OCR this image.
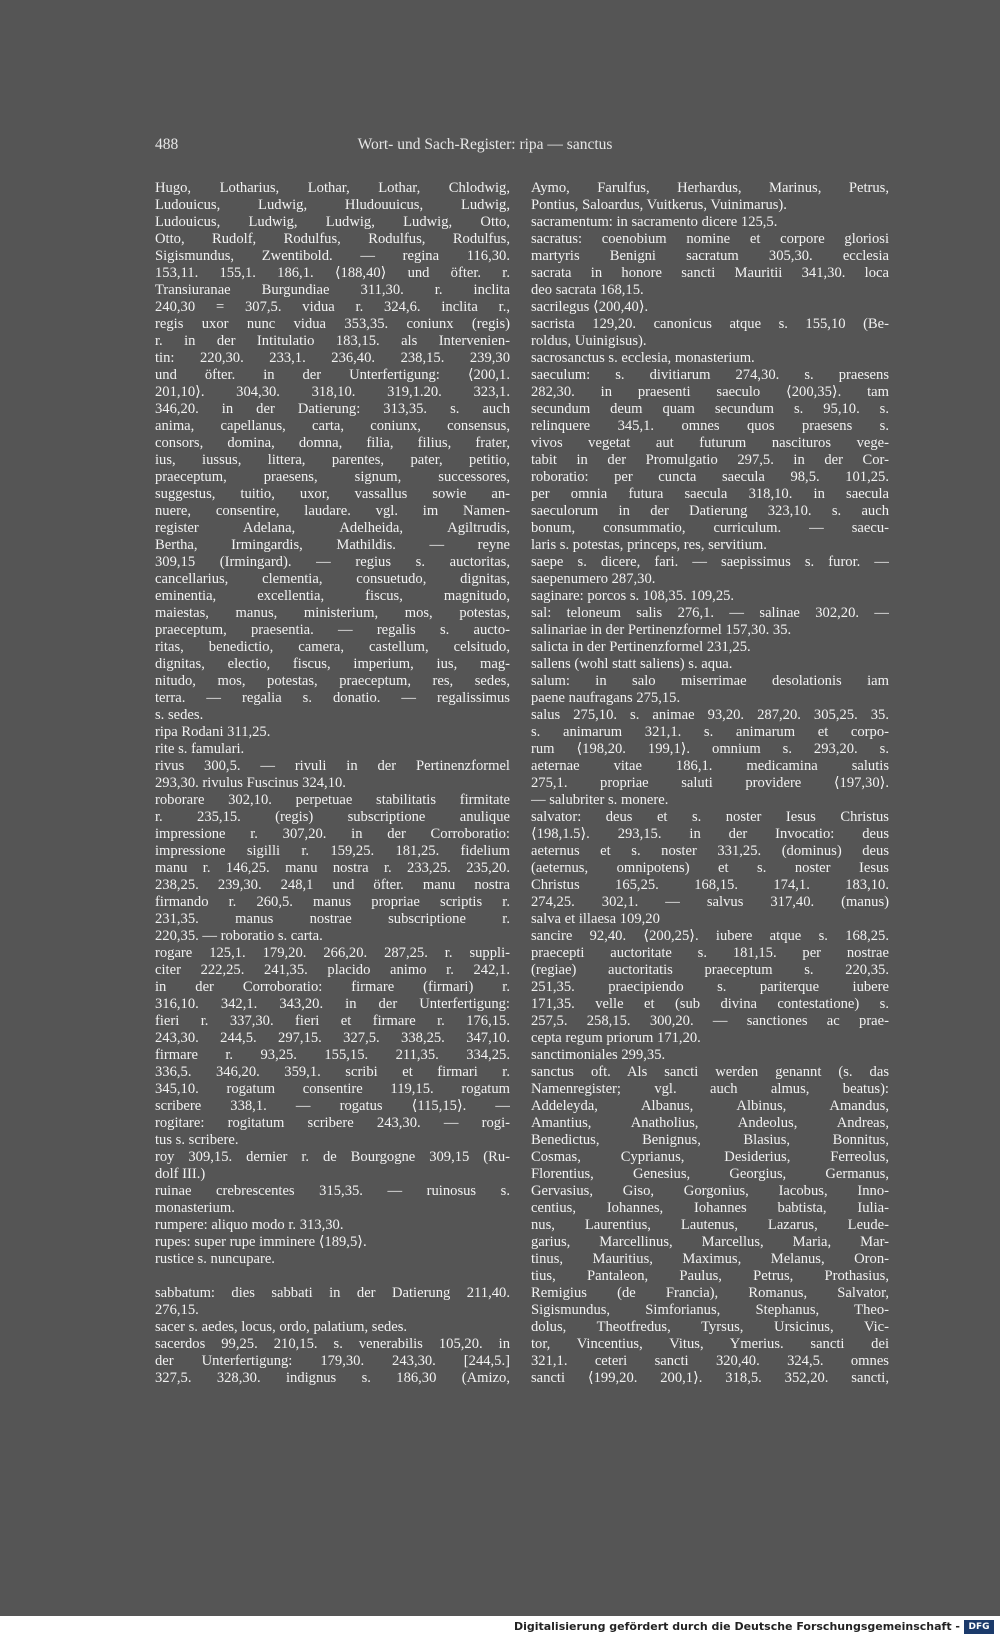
488	Wort- und Sach-Register: ripa — sanctus
Hugo, Lotharius, Lothar, Lothar, Chlodwig,
Ludouicus, Ludwig, Hludouuicus, Ludwig,
Ludouicus, Ludwig, Ludwig, Ludwig, Otto,
Otto, Rudolf, Rodulfus, Rodulfus, Rodulfus,
Sigismundus, Zwentibold. — regina 116,30.
153,11. 155,1. 186,1. ⟨188,40⟩ und öfter. r.
Transiuranae Burgundiae 311,30. r. inclita
240,30 = 307,5. vidua r. 324,6. inclita r.,
regis uxor nunc vidua 353,35. coniunx (regis)
r. in der Intitulatio 183,15. als Intervenien-
tin: 220,30. 233,1. 236,40. 238,15. 239,30
und öfter. in der Unterfertigung: ⟨200,1.
201,10⟩. 304,30. 318,10. 319,1.20. 323,1.
346,20. in der Datierung: 313,35. s. auch
anima, capellanus, carta, coniunx, consensus,
consors, domina, domna, filia, filius, frater,
ius, iussus, littera, parentes, pater, petitio,
praeceptum, praesens, signum, successores,
suggestus, tuitio, uxor, vassallus sowie an-
nuere, consentire, laudare. vgl. im Namen-
register Adelana, Adelheida, Agiltrudis,
Bertha, Irmingardis, Mathildis. — reyne
309,15 (Irmingard). — regius s. auctoritas,
cancellarius, clementia, consuetudo, dignitas,
eminentia, excellentia, fiscus, magnitudo,
maiestas, manus, ministerium, mos, potestas,
praeceptum, praesentia. — regalis s. aucto-
ritas, benedictio, camera, castellum, celsitudo,
dignitas, electio, fiscus, imperium, ius, mag-
nitudo, mos, potestas, praeceptum, res, sedes,
terra. — regalia s. donatio. — regalissimus
s. sedes.
ripa Rodani 311,25.
rite s. famulari.
rivus 300,5. — rivuli in der Pertinenzformel
293,30. rivulus Fuscinus 324,10.
roborare 302,10. perpetuae stabilitatis firmitate
r. 235,15. (regis) subscriptione anulique
impressione r. 307,20. in der Corroboratio:
impressione sigilli r. 159,25. 181,25. fidelium
manu r. 146,25. manu nostra r. 233,25. 235,20.
238,25. 239,30. 248,1 und öfter. manu nostra
firmando r. 260,5. manus propriae scriptis r.
231,35. manus nostrae subscriptione r.
220,35. — roboratio s. carta.
rogare 125,1. 179,20. 266,20. 287,25. r. suppli-
citer 222,25. 241,35. placido animo r. 242,1.
in der Corroboratio: firmare (firmari) r.
316,10. 342,1. 343,20. in der Unterfertigung:
fieri r. 337,30. fieri et firmare r. 176,15.
243,30. 244,5. 297,15. 327,5. 338,25. 347,10.
firmare r. 93,25. 155,15. 211,35. 334,25.
336,5. 346,20. 359,1. scribi et firmari r.
345,10. rogatum consentire 119,15. rogatum
scribere 338,1. — rogatus ⟨115,15⟩. —
rogitare: rogitatum scribere 243,30. — rogi-
tus s. scribere.
roy 309,15. dernier r. de Bourgogne 309,15 (Ru-
dolf III.)
ruinae crebrescentes 315,35. — ruinosus s.
monasterium.
rumpere: aliquo modo r. 313,30.
rupes: super rupe imminere ⟨189,5⟩.
rustice s. nuncupare.
sabbatum: dies sabbati in der Datierung 211,40.
276,15.
sacer s. aedes, locus, ordo, palatium, sedes.
sacerdos 99,25. 210,15. s. venerabilis 105,20. in
der Unterfertigung: 179,30. 243,30. [244,5.]
327,5. 328,30. indignus s. 186,30 (Amizo,
Aymo, Farulfus, Herhardus, Marinus, Petrus,
Pontius, Saloardus, Vuitkerus, Vuinimarus).
sacramentum: in sacramento dicere 125,5.
sacratus: coenobium nomine et corpore gloriosi
martyris Benigni sacratum 305,30. ecclesia
sacrata in honore sancti Mauritii 341,30. loca
deo sacrata 168,15.
sacrilegus ⟨200,40⟩.
sacrista 129,20. canonicus atque s. 155,10 (Be-
roldus, Uuinigisus).
sacrosanctus s. ecclesia, monasterium.
saeculum: s. divitiarum 274,30. s. praesens
282,30. in praesenti saeculo ⟨200,35⟩. tam
secundum deum quam secundum s. 95,10. s.
relinquere 345,1. omnes quos praesens s.
vivos vegetat aut futurum nascituros vege-
tabit in der Promulgatio 297,5. in der Cor-
roboratio: per cuncta saecula 98,5. 101,25.
per omnia futura saecula 318,10. in saecula
saeculorum in der Datierung 323,10. s. auch
bonum, consummatio, curriculum. — saecu-
laris s. potestas, princeps, res, servitium.
saepe s. dicere, fari. — saepissimus s. furor. —
saepenumero 287,30.
saginare: porcos s. 108,35. 109,25.
sal: teloneum salis 276,1. — salinae 302,20. —
salinariae in der Pertinenzformel 157,30. 35.
salicta in der Pertinenzformel 231,25.
sallens (wohl statt saliens) s. aqua.
salum: in salo miserrimae desolationis iam
paene naufragans 275,15.
salus 275,10. s. animae 93,20. 287,20. 305,25. 35.
s. animarum 321,1. s. animarum et corpo-
rum ⟨198,20. 199,1⟩. omnium s. 293,20. s.
aeternae vitae 186,1. medicamina salutis
275,1. propriae saluti providere ⟨197,30⟩.
— salubriter s. monere.
salvator: deus et s. noster Iesus Christus
⟨198,1.5⟩. 293,15. in der Invocatio: deus
aeternus et s. noster 331,25. (dominus) deus
(aeternus, omnipotens) et s. noster Iesus
Christus 165,25. 168,15. 174,1. 183,10.
274,25. 302,1. — salvus 317,40. (manus)
salva et illaesa 109,20
sancire 92,40. ⟨200,25⟩. iubere atque s. 168,25.
praecepti auctoritate s. 181,15. per nostrae
(regiae) auctoritatis praeceptum s. 220,35.
251,35. praecipiendo s. pariterque iubere
171,35. velle et (sub divina contestatione) s.
257,5. 258,15. 300,20. — sanctiones ac prae-
cepta regum priorum 171,20.
sanctimoniales 299,35.
sanctus oft. Als sancti werden genannt (s. das
Namenregister; vgl. auch almus, beatus):
Addeleyda, Albanus, Albinus, Amandus,
Amantius, Anatholius, Andeolus, Andreas,
Benedictus, Benignus, Blasius, Bonnitus,
Cosmas, Cyprianus, Desiderius, Ferreolus,
Florentius, Genesius, Georgius, Germanus,
Gervasius, Giso, Gorgonius, Iacobus, Inno-
centius, Iohannes, Iohannes babtista, Iulia-
nus, Laurentius, Lautenus, Lazarus, Leude-
garius, Marcellinus, Marcellus, Maria, Mar-
tinus, Mauritius, Maximus, Melanus, Oron-
tius, Pantaleon, Paulus, Petrus, Prothasius,
Remigius (de Francia), Romanus, Salvator,
Sigismundus, Simforianus, Stephanus, Theo-
dolus, Theotfredus, Tyrsus, Ursicinus, Vic-
tor, Vincentius, Vitus, Ymerius. sancti dei
321,1. ceteri sancti 320,40. 324,5. omnes
sancti ⟨199,20. 200,1⟩. 318,5. 352,20. sancti,
Digitalisierung gefördert durch die Deutsche Forschungsgemeinschaft - DFG
